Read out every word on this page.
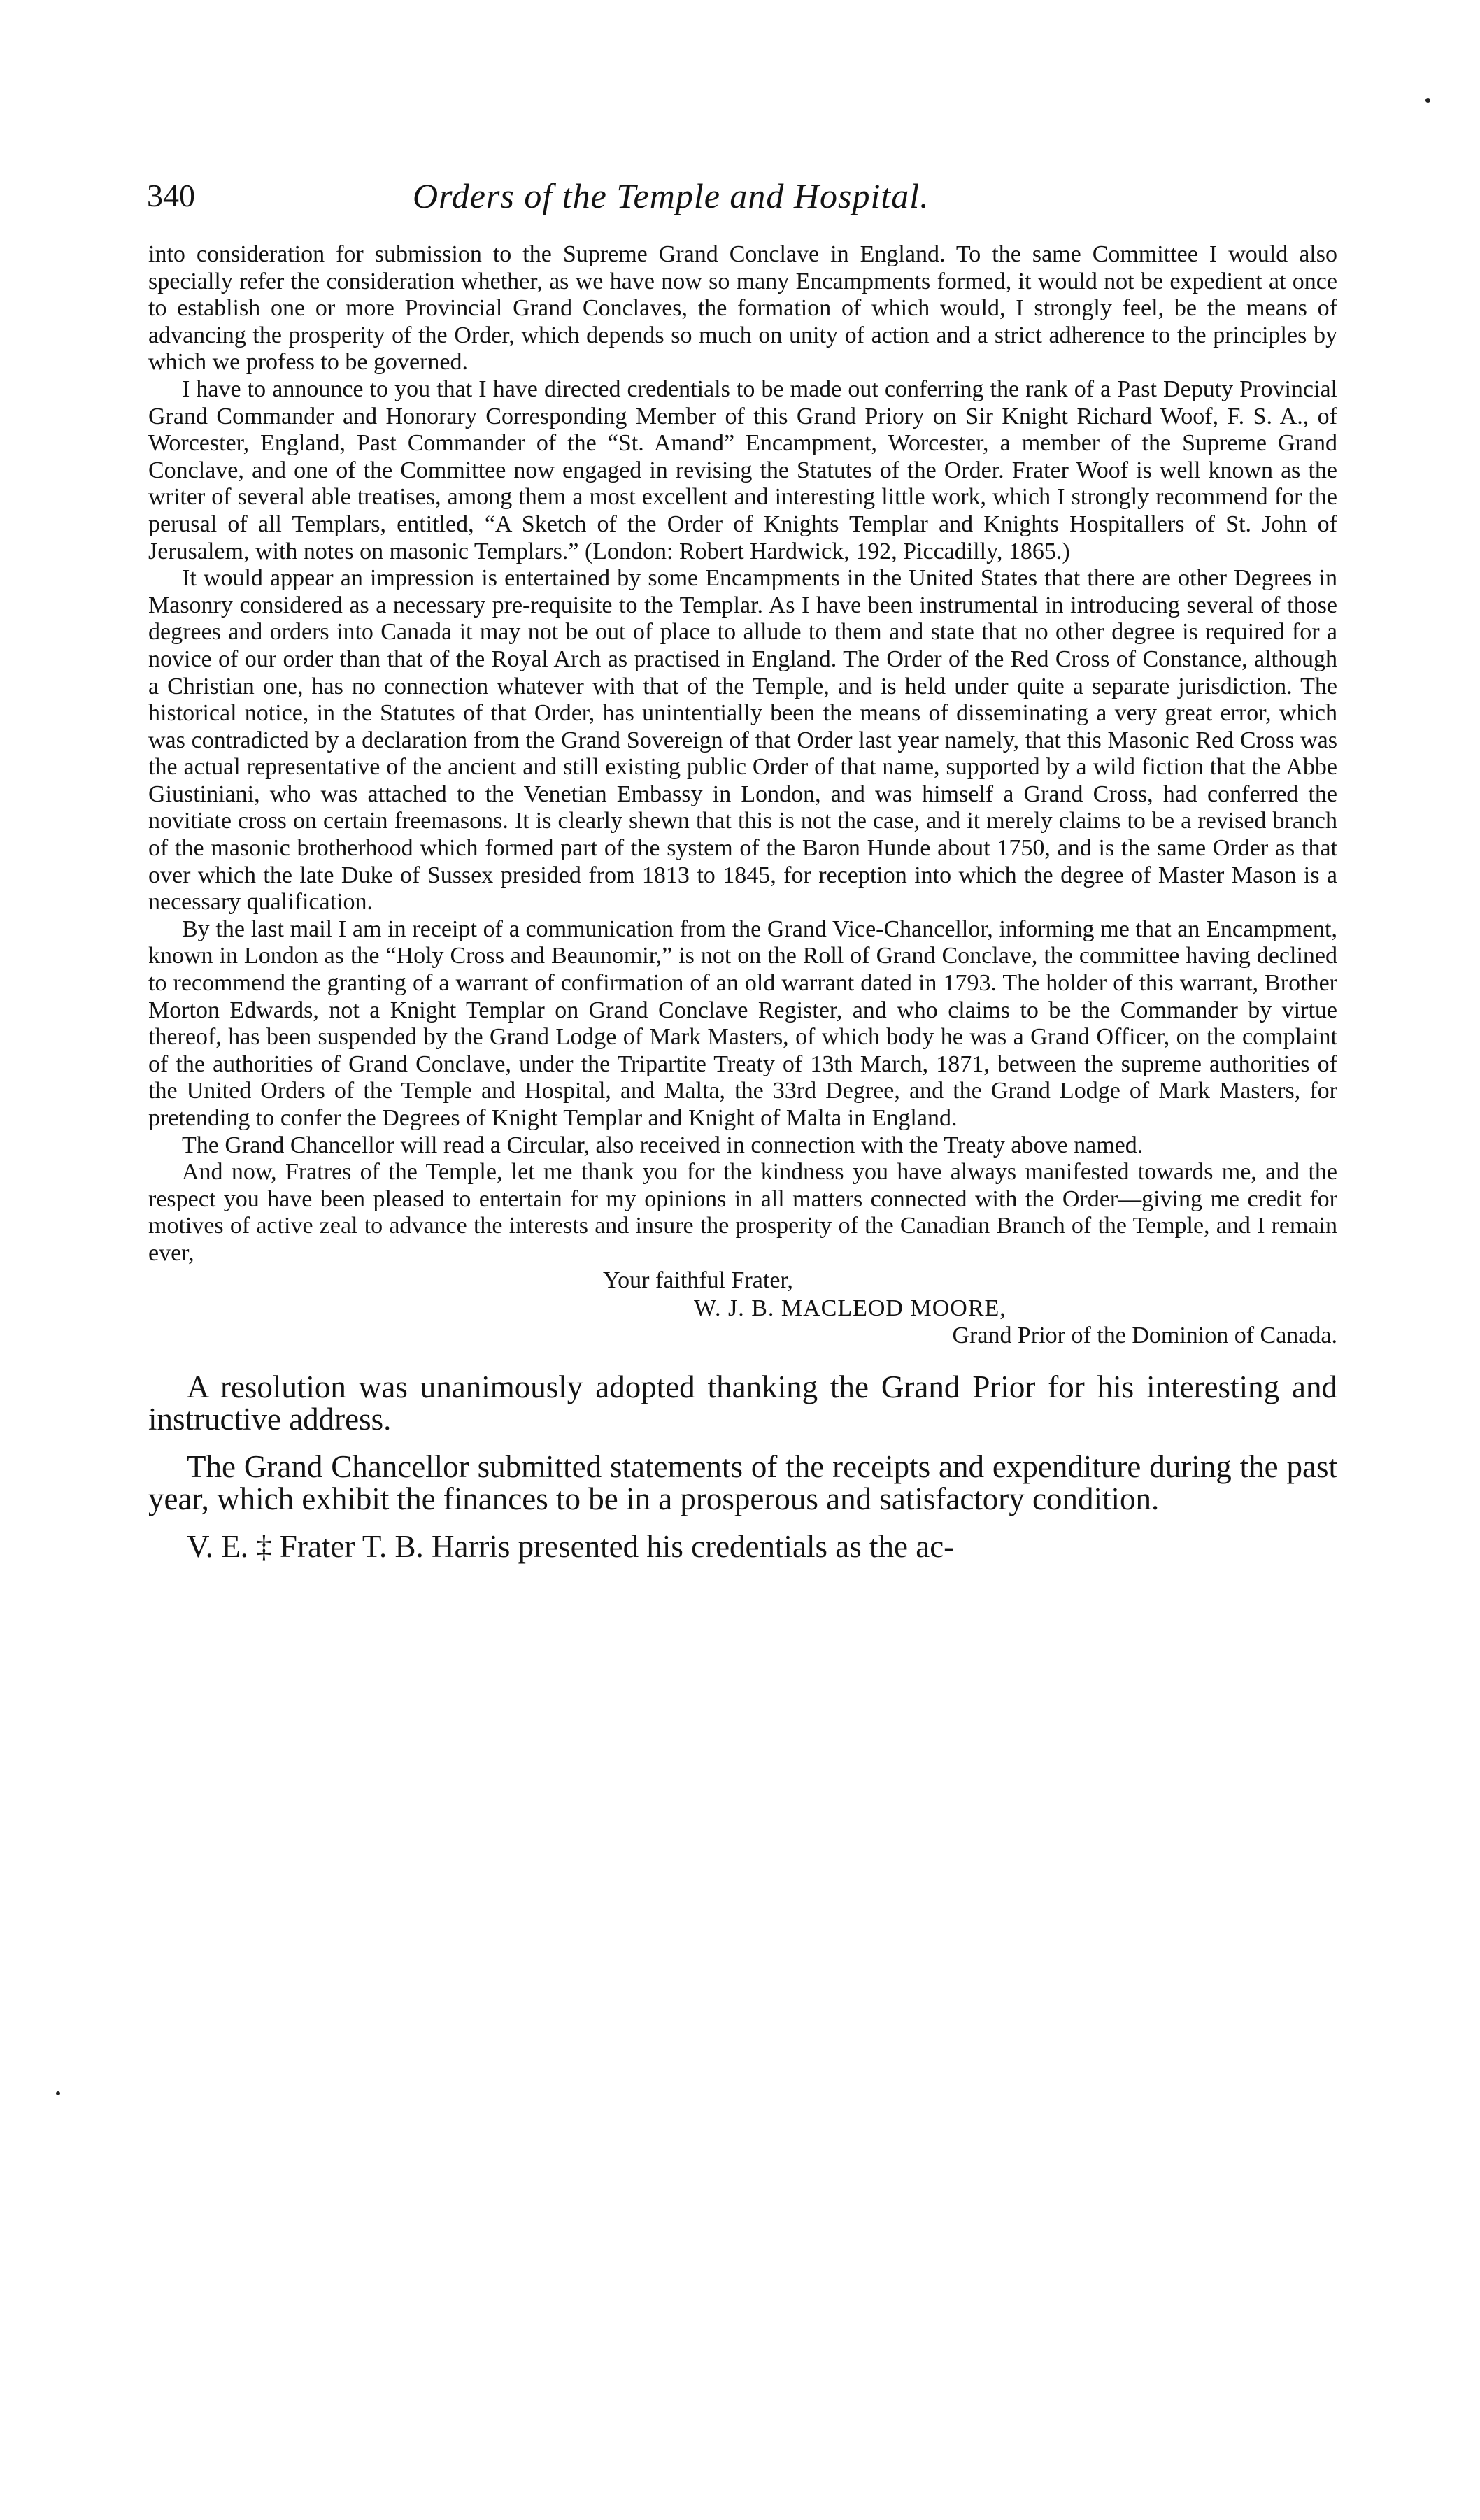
340	Orders of the Temple and Hospital.

into consideration for submission to the Supreme Grand Conclave in England. To the same Committee I would also specially refer the consideration whether, as we have now so many Encampments formed, it would not be expedient at once to establish one or more Provincial Grand Conclaves, the formation of which would, I strongly feel, be the means of advancing the prosperity of the Order, which depends so much on unity of action and a strict adherence to the principles by which we profess to be governed.

I have to announce to you that I have directed credentials to be made out conferring the rank of a Past Deputy Provincial Grand Commander and Honorary Corresponding Member of this Grand Priory on Sir Knight Richard Woof, F. S. A., of Worcester, England, Past Commander of the “St. Amand” Encampment, Worcester, a member of the Supreme Grand Conclave, and one of the Committee now engaged in revising the Statutes of the Order. Frater Woof is well known as the writer of several able treatises, among them a most excellent and interesting little work, which I strongly recommend for the perusal of all Templars, entitled, “A Sketch of the Order of Knights Templar and Knights Hospitallers of St. John of Jerusalem, with notes on masonic Templars.” (London: Robert Hardwick, 192, Piccadilly, 1865.)

It would appear an impression is entertained by some Encampments in the United States that there are other Degrees in Masonry considered as a necessary pre-requisite to the Templar. As I have been instrumental in introducing several of those degrees and orders into Canada it may not be out of place to allude to them and state that no other degree is required for a novice of our order than that of the Royal Arch as practised in England. The Order of the Red Cross of Constance, although a Christian one, has no connection whatever with that of the Temple, and is held under quite a separate jurisdiction. The historical notice, in the Statutes of that Order, has unintentially been the means of disseminating a very great error, which was contradicted by a declaration from the Grand Sovereign of that Order last year namely, that this Masonic Red Cross was the actual representative of the ancient and still existing public Order of that name, supported by a wild fiction that the Abbe Giustiniani, who was attached to the Venetian Embassy in London, and was himself a Grand Cross, had conferred the novitiate cross on certain freemasons. It is clearly shewn that this is not the case, and it merely claims to be a revised branch of the masonic brotherhood which formed part of the system of the Baron Hunde about 1750, and is the same Order as that over which the late Duke of Sussex presided from 1813 to 1845, for reception into which the degree of Master Mason is a necessary qualification.

By the last mail I am in receipt of a communication from the Grand Vice-Chancellor, informing me that an Encampment, known in London as the “Holy Cross and Beaunomir,” is not on the Roll of Grand Conclave, the committee having declined to recommend the granting of a warrant of confirmation of an old warrant dated in 1793. The holder of this warrant, Brother Morton Edwards, not a Knight Templar on Grand Conclave Register, and who claims to be the Commander by virtue thereof, has been suspended by the Grand Lodge of Mark Masters, of which body he was a Grand Officer, on the complaint of the authorities of Grand Conclave, under the Tripartite Treaty of 13th March, 1871, between the supreme authorities of the United Orders of the Temple and Hospital, and Malta, the 33rd Degree, and the Grand Lodge of Mark Masters, for pretending to confer the Degrees of Knight Templar and Knight of Malta in England.

The Grand Chancellor will read a Circular, also received in connection with the Treaty above named.

And now, Fratres of the Temple, let me thank you for the kindness you have always manifested towards me, and the respect you have been pleased to entertain for my opinions in all matters connected with the Order—giving me credit for motives of active zeal to advance the interests and insure the prosperity of the Canadian Branch of the Temple, and I remain ever,

Your faithful Frater,
W. J. B. MACLEOD MOORE,
Grand Prior of the Dominion of Canada.

A resolution was unanimously adopted thanking the Grand Prior for his interesting and instructive address.

The Grand Chancellor submitted statements of the receipts and expenditure during the past year, which exhibit the finances to be in a prosperous and satisfactory condition.

V. E. ‡ Frater T. B. Harris presented his credentials as the ac-
